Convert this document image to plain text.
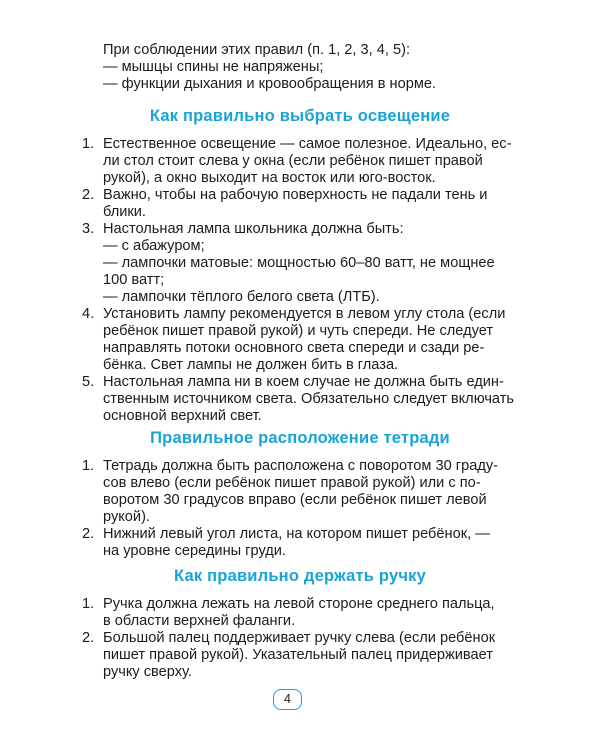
При соблюдении этих правил (п. 1, 2, 3, 4, 5):

— мышцы спины не напряжены;

— функции дыхания и кровообращения в норме.

Как правильно выбрать освещение
1. Естественное освещение — самое полезное. Идеально, ес-

ли стол стоит слева у окна (если ребёнок пишет правой

рукой), а окно выходит на восток или юго-восток.

2. Важно, чтобы на рабочую поверхность не падали тень и

блики.

3. Настольная лампа школьника должна быть:

— с абажуром;

— лампочки матовые: мощностью 60–80 ватт, не мощнее

100 ватт;

— лампочки тёплого белого света (ЛТБ).

4. Установить лампу рекомендуется в левом углу стола (если

ребёнок пишет правой рукой) и чуть спереди. Не следует

направлять потоки основного света спереди и сзади ре-

бёнка. Свет лампы не должен бить в глаза.

5. Настольная лампа ни в коем случае не должна быть един-

ственным источником света. Обязательно следует включать

основной верхний свет.

Правильное расположение тетради
1. Тетрадь должна быть расположена с поворотом 30 граду-

сов влево (если ребёнок пишет правой рукой) или с по-

воротом 30 градусов вправо (если ребёнок пишет левой

рукой).

2. Нижний левый угол листа, на котором пишет ребёнок, —

на уровне середины груди.

Как правильно держать ручку
1. Ручка должна лежать на левой стороне среднего пальца,

в области верхней фаланги.

2. Большой палец поддерживает ручку слева (если ребёнок

пишет правой рукой). Указательный палец придерживает

ручку сверху.

4
